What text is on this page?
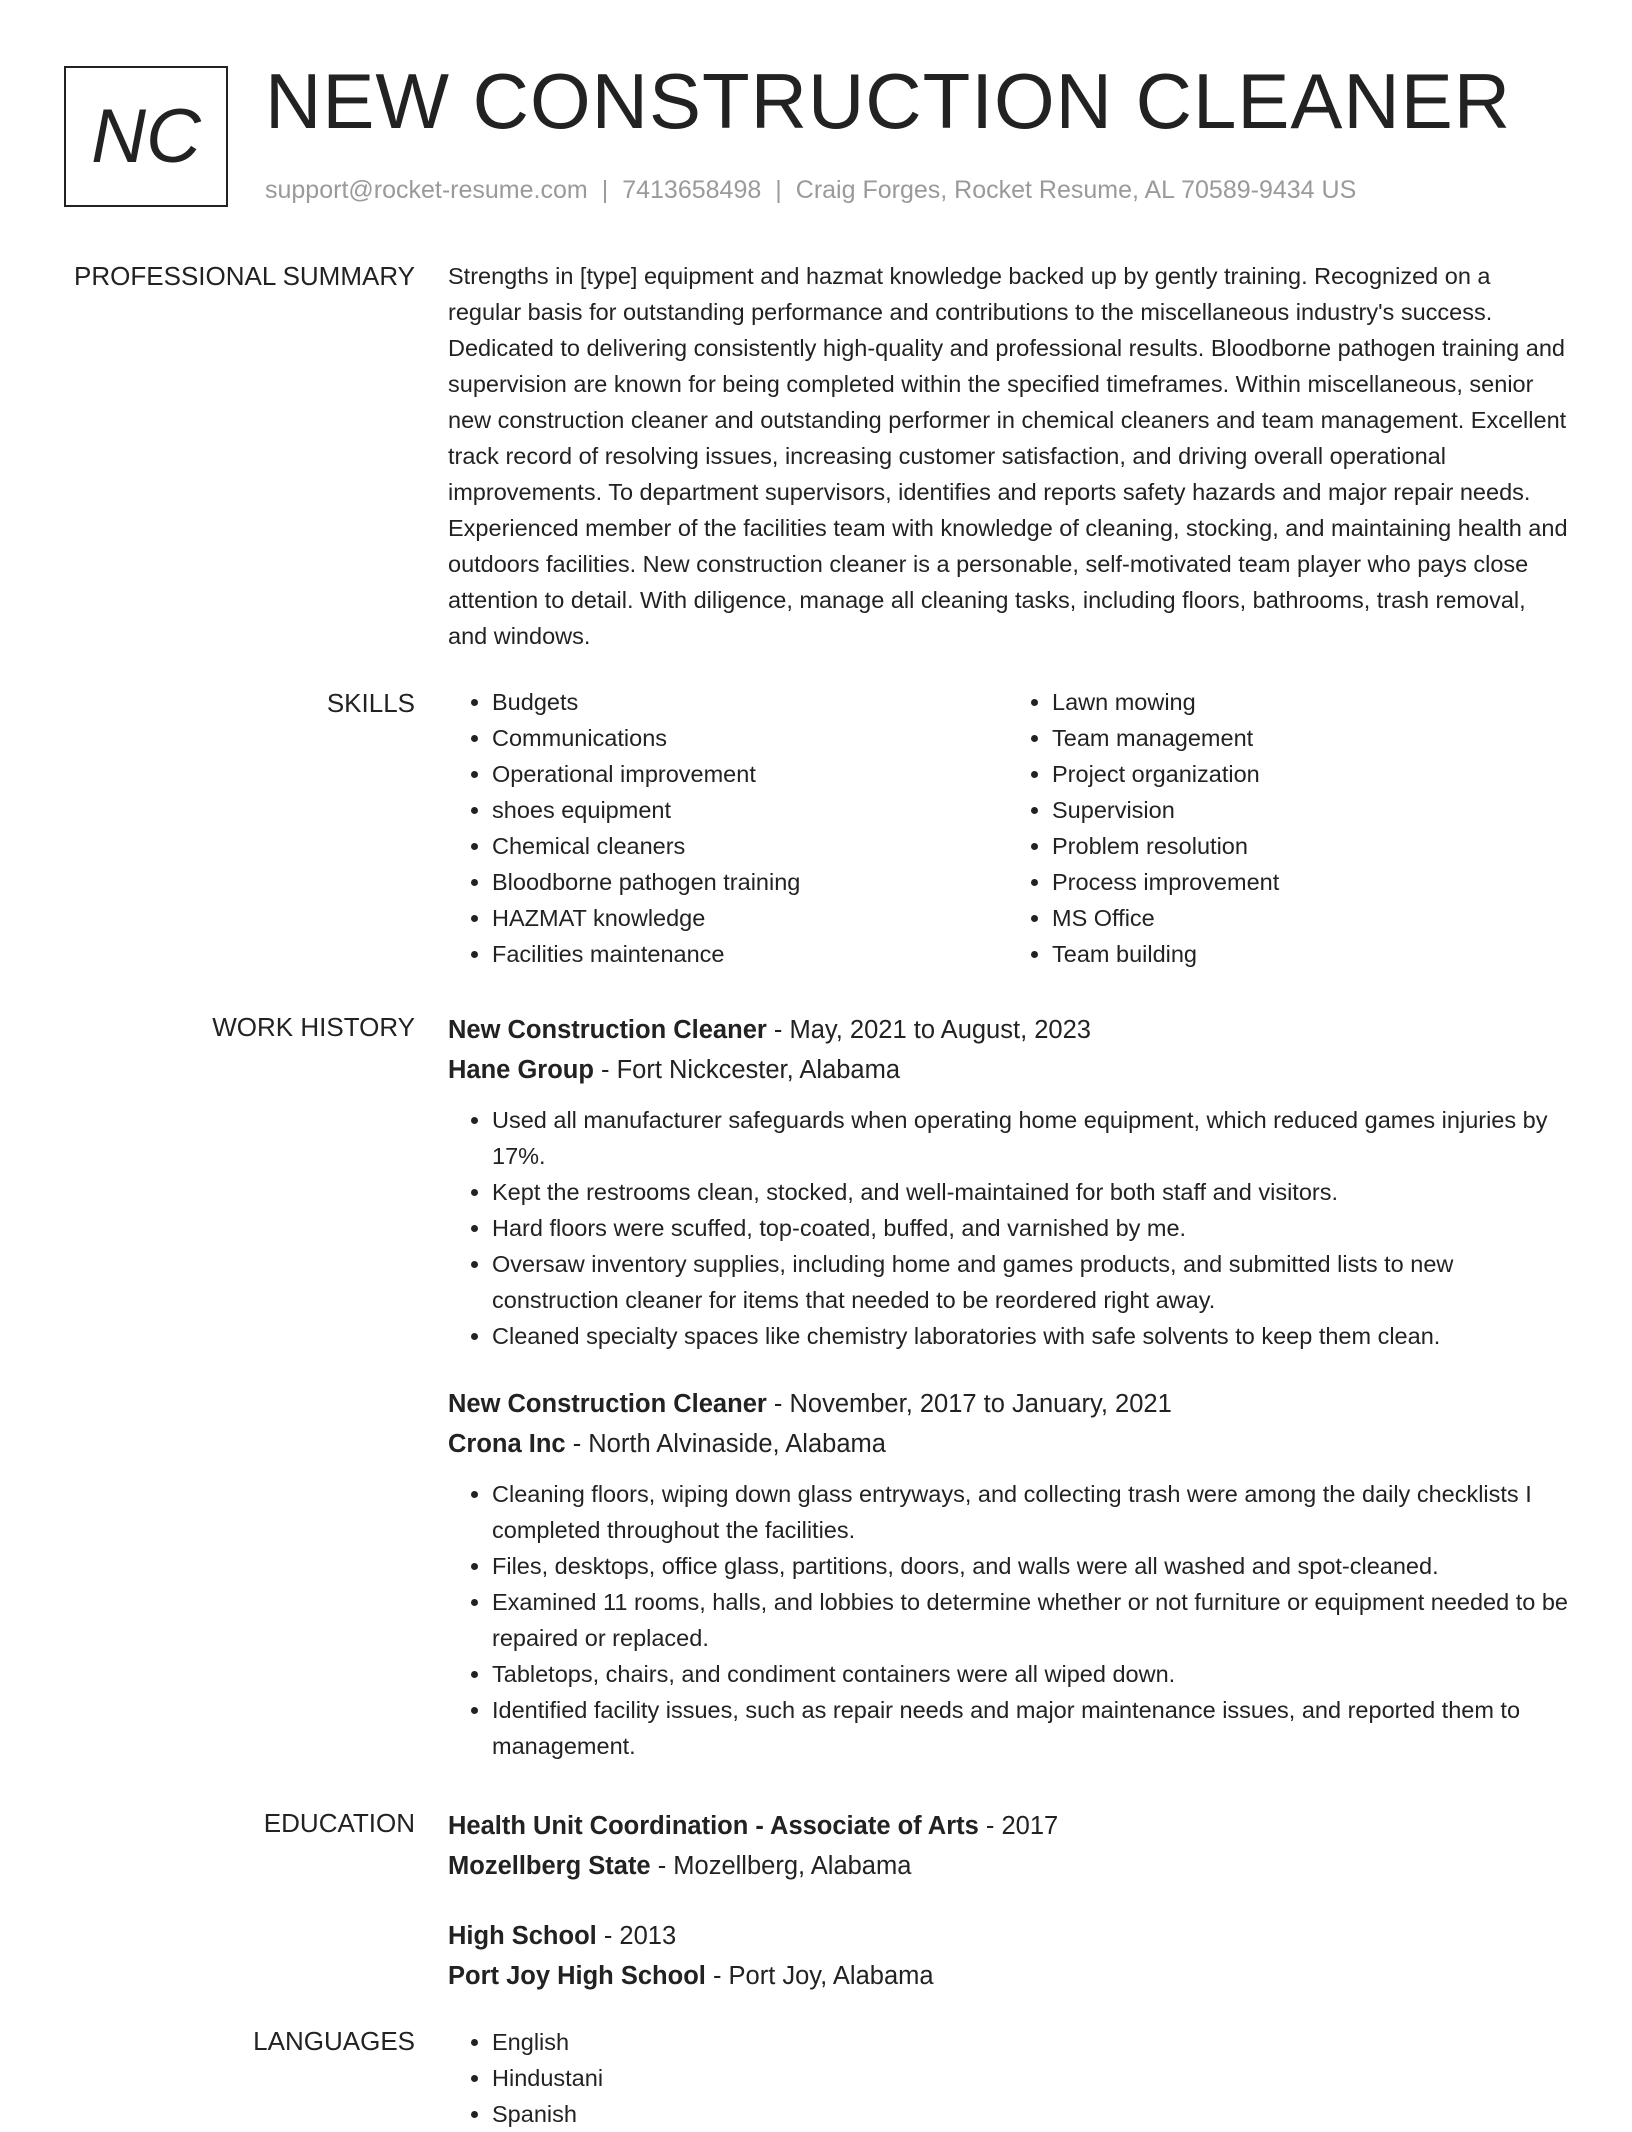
NC NEW CONSTRUCTION CLEANER
support@rocket-resume.com | 7413658498 | Craig Forges, Rocket Resume, AL 70589-9434 US
PROFESSIONAL SUMMARY Strengths in [type] equipment and hazmat knowledge backed up by gently training. Recognized on a regular basis for outstanding performance and contributions to the miscellaneous industry's success. Dedicated to delivering consistently high-quality and professional results. Bloodborne pathogen training and supervision are known for being completed within the specified timeframes. Within miscellaneous, senior new construction cleaner and outstanding performer in chemical cleaners and team management. Excellent track record of resolving issues, increasing customer satisfaction, and driving overall operational improvements. To department supervisors, identifies and reports safety hazards and major repair needs. Experienced member of the facilities team with knowledge of cleaning, stocking, and maintaining health and outdoors facilities. New construction cleaner is a personable, self-motivated team player who pays close attention to detail. With diligence, manage all cleaning tasks, including floors, bathrooms, trash removal, and windows.

SKILLS	• Budgets
• Communications
• Operational improvement
• shoes equipment
• Chemical cleaners
• Bloodborne pathogen training
• HAZMAT knowledge
• Facilities maintenance
• Lawn mowing
• Team management
• Project organization
• Supervision
• Problem resolution
• Process improvement
• MS Office
• Team building
WORK HISTORY New Construction Cleaner - May, 2021 to August, 2023

Hane Group - Fort Nickcester, Alabama

• Used all manufacturer safeguards when operating home equipment, which reduced games injuries by 17%.
• Kept the restrooms clean, stocked, and well-maintained for both staff and visitors.
• Hard floors were scuffed, top-coated, buffed, and varnished by me.
• Oversaw inventory supplies, including home and games products, and submitted lists to new construction cleaner for items that needed to be reordered right away.
• Cleaned specialty spaces like chemistry laboratories with safe solvents to keep them clean.

New Construction Cleaner - November, 2017 to January, 2021

Crona Inc - North Alvinaside, Alabama

• Cleaning floors, wiping down glass entryways, and collecting trash were among the daily checklists I completed throughout the facilities.
• Files, desktops, office glass, partitions, doors, and walls were all washed and spot-cleaned.
• Examined 11 rooms, halls, and lobbies to determine whether or not furniture or equipment needed to be repaired or replaced.
• Tabletops, chairs, and condiment containers were all wiped down.
• Identified facility issues, such as repair needs and major maintenance issues, and reported them to management.
EDUCATION Health Unit Coordination - Associate of Arts - 2017

Mozellberg State - Mozellberg, Alabama

High School - 2013

Port Joy High School - Port Joy, Alabama

LANGUAGES	• English
• Hindustani
• Spanish
